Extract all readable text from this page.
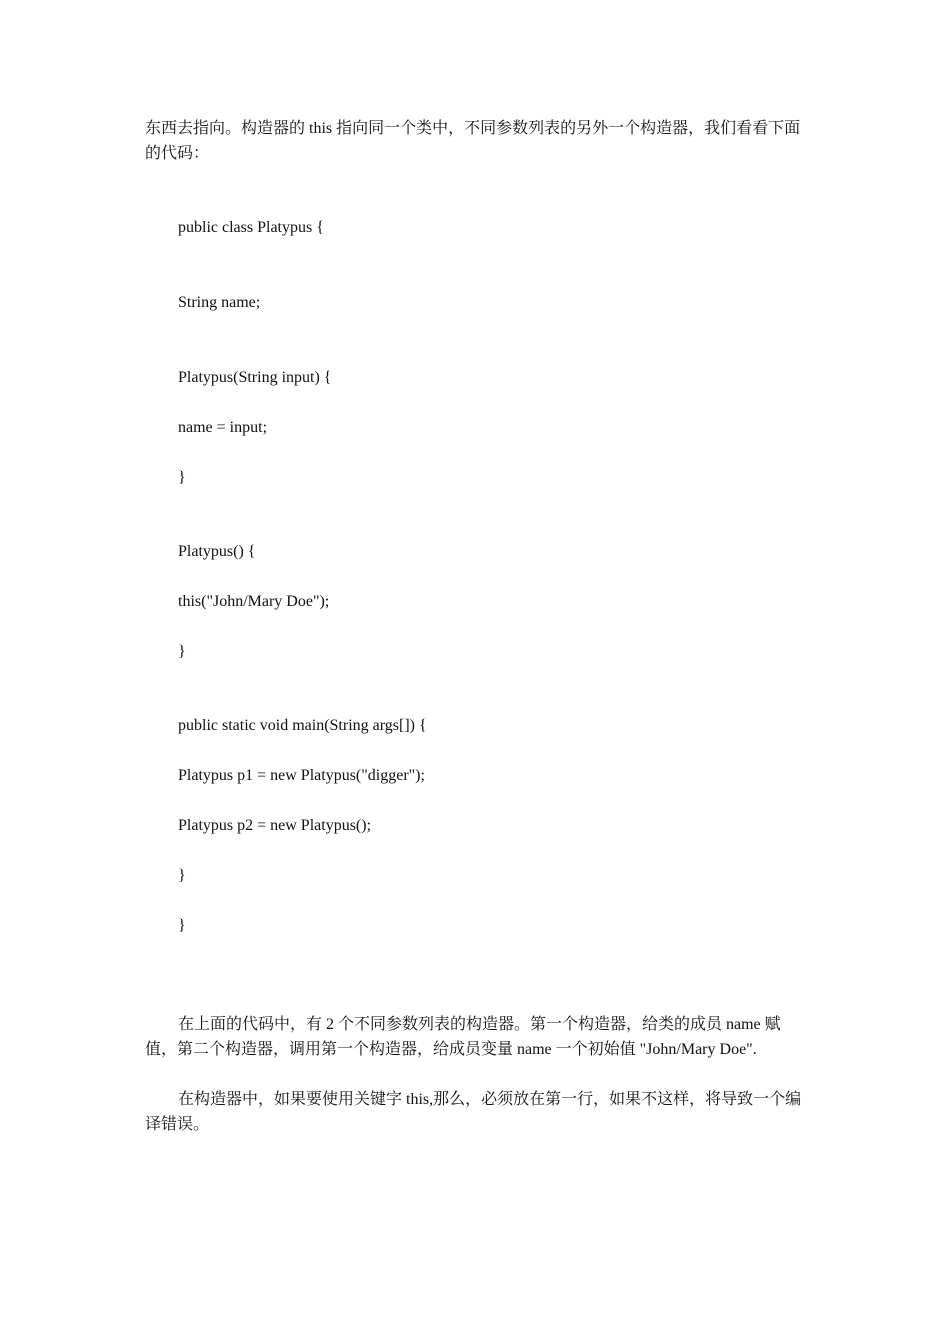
东西去指向。构造器的 this 指向同一个类中，不同参数列表的另外一个构造器，我们看看下面的代码：

public class Platypus {
String name;
Platypus(String input) {
name = input;
}
Platypus() {
this("John/Mary Doe");
}
public static void main(String args[]) {
Platypus p1 = new Platypus("digger");
Platypus p2 = new Platypus();
}
}

在上面的代码中，有 2 个不同参数列表的构造器。第一个构造器，给类的成员 name 赋值，第二个构造器，调用第一个构造器，给成员变量 name 一个初始值 "John/Mary Doe".

在构造器中，如果要使用关键字 this,那么，必须放在第一行，如果不这样，将导致一个编译错误。
